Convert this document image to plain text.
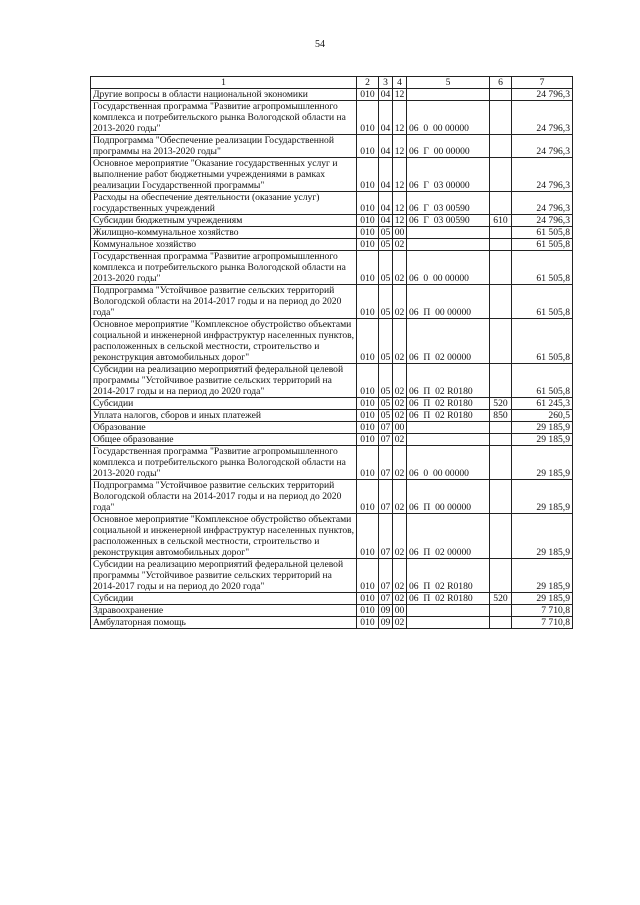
54
1	2	3	4	5	6	7
Другие вопросы в области национальной экономики	010	04	12			24 796,3
Государственная программа "Развитие агропромышленного комплекса и потребительского рынка Вологодской области на 2013-2020 годы"	010	04	12	06  0  00 00000		24 796,3
Подпрограмма "Обеспечение реализации Государственной программы на 2013-2020 годы"	010	04	12	06  Г  00 00000		24 796,3
Основное мероприятие "Оказание государственных услуг и выполнение работ бюджетными учреждениями в рамках реализации Государственной программы"	010	04	12	06  Г  03 00000		24 796,3
Расходы на обеспечение деятельности (оказание услуг) государственных учреждений	010	04	12	06  Г  03 00590		24 796,3
Субсидии бюджетным учреждениям	010	04	12	06  Г  03 00590	610	24 796,3
Жилищно-коммунальное хозяйство	010	05	00			61 505,8
Коммунальное хозяйство	010	05	02			61 505,8
Государственная программа "Развитие агропромышленного комплекса и потребительского рынка Вологодской области на 2013-2020 годы"	010	05	02	06  0  00 00000		61 505,8
Подпрограмма "Устойчивое развитие сельских территорий Вологодской области на 2014-2017 годы и на период до 2020 года"	010	05	02	06  П  00 00000		61 505,8
Основное мероприятие "Комплексное обустройство объектами социальной и инженерной инфраструктур населенных пунктов, расположенных в сельской местности, строительство и реконструкция автомобильных дорог"	010	05	02	06  П  02 00000		61 505,8
Субсидии на реализацию мероприятий федеральной целевой программы "Устойчивое развитие сельских территорий на 2014-2017 годы и на период до 2020 года"	010	05	02	06  П  02 R0180		61 505,8
Субсидии	010	05	02	06  П  02 R0180	520	61 245,3
Уплата налогов, сборов и иных платежей	010	05	02	06  П  02 R0180	850	260,5
Образование	010	07	00			29 185,9
Общее образование	010	07	02			29 185,9
Государственная программа "Развитие агропромышленного комплекса и потребительского рынка Вологодской области на 2013-2020 годы"	010	07	02	06  0  00 00000		29 185,9
Подпрограмма "Устойчивое развитие сельских территорий Вологодской области на 2014-2017 годы и на период до 2020 года"	010	07	02	06  П  00 00000		29 185,9
Основное мероприятие "Комплексное обустройство объектами социальной и инженерной инфраструктур населенных пунктов, расположенных в сельской местности, строительство и реконструкция автомобильных дорог"	010	07	02	06  П  02 00000		29 185,9
Субсидии на реализацию мероприятий федеральной целевой программы "Устойчивое развитие сельских территорий на 2014-2017 годы и на период до 2020 года"	010	07	02	06  П  02 R0180		29 185,9
Субсидии	010	07	02	06  П  02 R0180	520	29 185,9
Здравоохранение	010	09	00			7 710,8
Амбулаторная помощь	010	09	02			7 710,8
